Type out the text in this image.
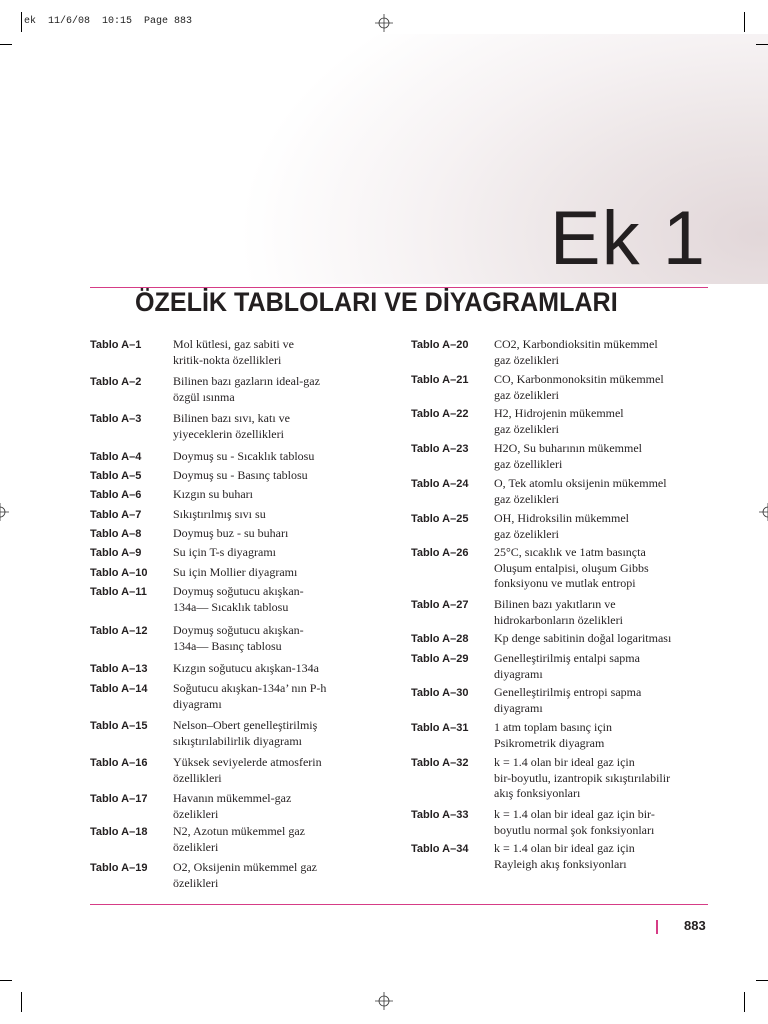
ek  11/6/08  10:15  Page 883
Ek 1
ÖZELİK TABLOLARI VE DİYAGRAMLARI
Tablo A–1	Mol kütlesi, gaz sabiti ve
kritik-nokta özellikleri
Tablo A–2	Bilinen bazı gazların ideal-gaz
özgül ısınma
Tablo A–3	Bilinen bazı sıvı, katı ve
yiyeceklerin özellikleri
Tablo A–4	Doymuş su - Sıcaklık tablosu
Tablo A–5	Doymuş su - Basınç tablosu
Tablo A–6	Kızgın su buharı
Tablo A–7	Sıkıştırılmış sıvı su
Tablo A–8	Doymuş buz - su buharı
Tablo A–9	Su için T-s diyagramı
Tablo A–10	Su için Mollier diyagramı
Tablo A–11	Doymuş soğutucu akışkan-
134a— Sıcaklık tablosu
Tablo A–12	Doymuş soğutucu akışkan-
134a— Basınç tablosu
Tablo A–13	Kızgın soğutucu akışkan-134a
Tablo A–14	Soğutucu akışkan-134a’ nın P-h
diyagramı
Tablo A–15	Nelson–Obert genelleştirilmiş
sıkıştırılabilirlik diyagramı
Tablo A–16	Yüksek seviyelerde atmosferin
özellikleri
Tablo A–17	Havanın mükemmel-gaz
özelikleri
Tablo A–18	N2, Azotun mükemmel gaz
özelikleri
Tablo A–19	O2, Oksijenin mükemmel gaz
özelikleri
Tablo A–20	CO2, Karbondioksitin mükemmel
gaz özelikleri
Tablo A–21	CO, Karbonmonoksitin mükemmel
gaz özelikleri
Tablo A–22	H2, Hidrojenin mükemmel
gaz özelikleri
Tablo A–23	H2O, Su buharının mükemmel
gaz özellikleri
Tablo A–24	O, Tek atomlu oksijenin mükemmel
gaz özelikleri
Tablo A–25	OH, Hidroksilin mükemmel
gaz özelikleri
Tablo A–26	25°C, sıcaklık ve 1atm basınçta
Oluşum entalpisi, oluşum Gibbs
fonksiyonu ve mutlak entropi
Tablo A–27	Bilinen bazı yakıtların ve
hidrokarbonların özelikleri
Tablo A–28	Kp denge sabitinin doğal logaritması
Tablo A–29	Genelleştirilmiş entalpi sapma
diyagramı
Tablo A–30	Genelleştirilmiş entropi sapma
diyagramı
Tablo A–31	1 atm toplam basınç için
Psikrometrik diyagram
Tablo A–32	k = 1.4 olan bir ideal gaz için
bir-boyutlu, izantropik sıkıştırılabilir
akış fonksiyonları
Tablo A–33	k = 1.4 olan bir ideal gaz için bir-
boyutlu normal şok fonksiyonları
Tablo A–34	k = 1.4 olan bir ideal gaz için
Rayleigh akış fonksiyonları
883
